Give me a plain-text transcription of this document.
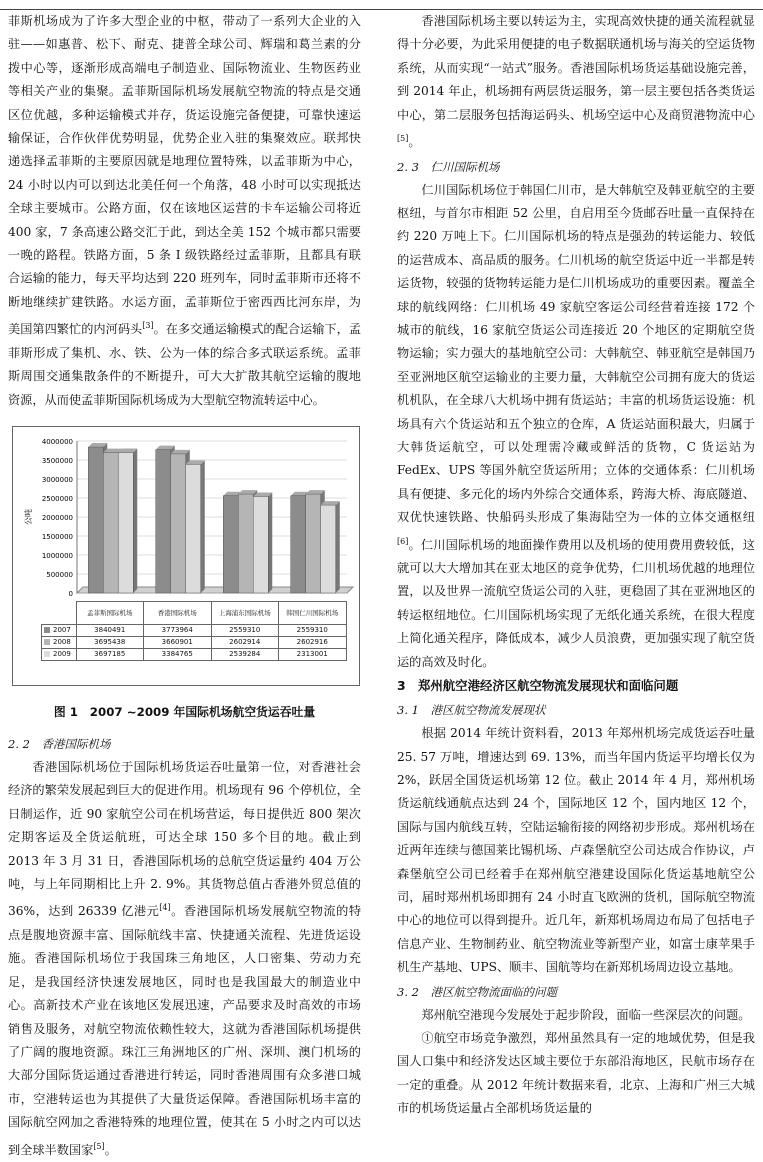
菲斯机场成为了许多大型企业的中枢，带动了一系列大企业的入驻——如惠普、松下、耐克、捷普全球公司、辉瑞和葛兰素的分拨中心等，逐渐形成高端电子制造业、国际物流业、生物医药业等相关产业的集聚。孟菲斯国际机场发展航空物流的特点是交通区位优越，多种运输模式并存，货运设施完备便捷，可靠快速运输保证，合作伙伴优势明显，优势企业入驻的集聚效应。联邦快递选择孟菲斯的主要原因就是地理位置特殊，以孟菲斯为中心，24 小时以内可以到达北美任何一个角落，48 小时可以实现抵达全球主要城市。公路方面，仅在该地区运营的卡车运输公司将近 400 家，7 条高速公路交汇于此，到达全美 152 个城市都只需要一晚的路程。铁路方面，5 条 I 级铁路经过孟菲斯，且都具有联合运输的能力，每天平均达到 220 班列车，同时孟菲斯市还将不断地继续扩建铁路。水运方面，孟菲斯位于密西西比河东岸，为美国第四繁忙的内河码头[3]。在多交通运输模式的配合运输下，孟菲斯形成了集机、水、铁、公为一体的综合多式联运系统。孟菲斯周围交通集散条件的不断提升，可大大扩散其航空运输的腹地资源，从而使孟菲斯国际机场成为大型航空物流转运中心。

0
500000
1000000
1500000
2000000
2500000
3000000
3500000
4000000
公吨
	孟菲斯国际机场	香港国际机场	上海浦东国际机场	韩国仁川国际机场
2007	3840491	3773964	2559310	2559310
2008	3695438	3660901	2602914	2602916
2009	3697185	3384765	2539284	2313001
图 1　2007 ~2009 年国际机场航空货运吞吐量
2. 2　香港国际机场

香港国际机场位于国际机场货运吞吐量第一位，对香港社会经济的繁荣发展起到巨大的促进作用。机场现有 96 个停机位，全日制运作，近 90 家航空公司在机场营运，每日提供近 800 架次定期客运及全货运航班，可达全球 150 多个目的地。截止到 2013 年 3 月 31 日，香港国际机场的总航空货运量约 404 万公吨，与上年同期相比上升 2. 9%。其货物总值占香港外贸总值的 36%，达到 26339 亿港元[4]。香港国际机场发展航空物流的特点是腹地资源丰富、国际航线丰富、快捷通关流程、先进货运设施。香港国际机场位于我国珠三角地区，人口密集、劳动力充足，是我国经济快速发展地区，同时也是我国最大的制造业中心。高新技术产业在该地区发展迅速，产品要求及时高效的市场销售及服务，对航空物流依赖性较大，这就为香港国际机场提供了广阔的腹地资源。珠江三角洲地区的广州、深圳、澳门机场的大部分国际货运通过香港进行转运，同时香港周围有众多港口城市，空港转运也为其提供了大量货运保障。香港国际机场丰富的国际航空网加之香港特殊的地理位置，使其在 5 小时之内可以达到全球半数国家[5]。

香港国际机场主要以转运为主，实现高效快捷的通关流程就显得十分必要，为此采用便捷的电子数据联通机场与海关的空运货物系统，从而实现“一站式”服务。香港国际机场货运基础设施完善，到 2014 年止，机场拥有两层货运服务，第一层主要包括各类货运中心，第二层服务包括海运码头、机场空运中心及商贸港物流中心[5]。

2. 3　仁川国际机场

仁川国际机场位于韩国仁川市，是大韩航空及韩亚航空的主要枢纽，与首尔市相距 52 公里，自启用至今货邮吞吐量一直保持在约 220 万吨上下。仁川国际机场的特点是强劲的转运能力、较低的运营成本、高品质的服务。仁川机场的航空货运中近一半都是转运货物，较强的货物转运能力是仁川机场成功的重要因素。覆盖全球的航线网络：仁川机场 49 家航空客运公司经营着连接 172 个城市的航线，16 家航空货运公司连接近 20 个地区的定期航空货物运输；实力强大的基地航空公司：大韩航空、韩亚航空是韩国乃至亚洲地区航空运输业的主要力量，大韩航空公司拥有庞大的货运机机队，在全球八大机场中拥有货运站；丰富的机场货运设施：机场具有六个货运站和五个独立的仓库，A 货运站面积最大，归属于大韩货运航空，可以处理需冷藏或鲜活的货物，C 货运站为 FedEx、UPS 等国外航空货运所用；立体的交通体系：仁川机场具有便捷、多元化的场内外综合交通体系，跨海大桥、海底隧道、双优快速铁路、快船码头形成了集海陆空为一体的立体交通枢纽[6]。仁川国际机场的地面操作费用以及机场的使用费用费较低，这就可以大大增加其在亚太地区的竞争优势，仁川机场优越的地理位置，以及世界一流航空货运公司的入驻，更稳固了其在亚洲地区的转运枢纽地位。仁川国际机场实现了无纸化通关系统，在很大程度上简化通关程序，降低成本，减少人员浪费，更加强实现了航空货运的高效及时化。

3　郑州航空港经济区航空物流发展现状和面临问题
3. 1　港区航空物流发展现状

根据 2014 年统计资料看，2013 年郑州机场完成货运吞吐量 25. 57 万吨，增速达到 69. 13%，而当年国内货运平均增长仅为 2%，跃居全国货运机场第 12 位。截止 2014 年 4 月，郑州机场货运航线通航点达到 24 个，国际地区 12 个，国内地区 12 个，国际与国内航线互转，空陆运输衔接的网络初步形成。郑州机场在近两年连续与德国莱比锡机场、卢森堡航空公司达成合作协议，卢森堡航空公司已经着手在郑州航空港建设国际化货运基地航空公司，届时郑州机场即拥有 24 小时直飞欧洲的货机，国际航空物流中心的地位可以得到提升。近几年，新郑机场周边布局了包括电子信息产业、生物制药业、航空物流业等新型产业，如富士康苹果手机生产基地、UPS、顺丰、国航等均在新郑机场周边设立基地。

3. 2　港区航空物流面临的问题

郑州航空港现今发展处于起步阶段，面临一些深层次的问题。

①航空市场竞争激烈，郑州虽然具有一定的地域优势，但是我国人口集中和经济发达区域主要位于东部沿海地区，民航市场存在一定的重叠。从 2012 年统计数据来看，北京、上海和广州三大城市的机场货运量占全部机场货运量的
